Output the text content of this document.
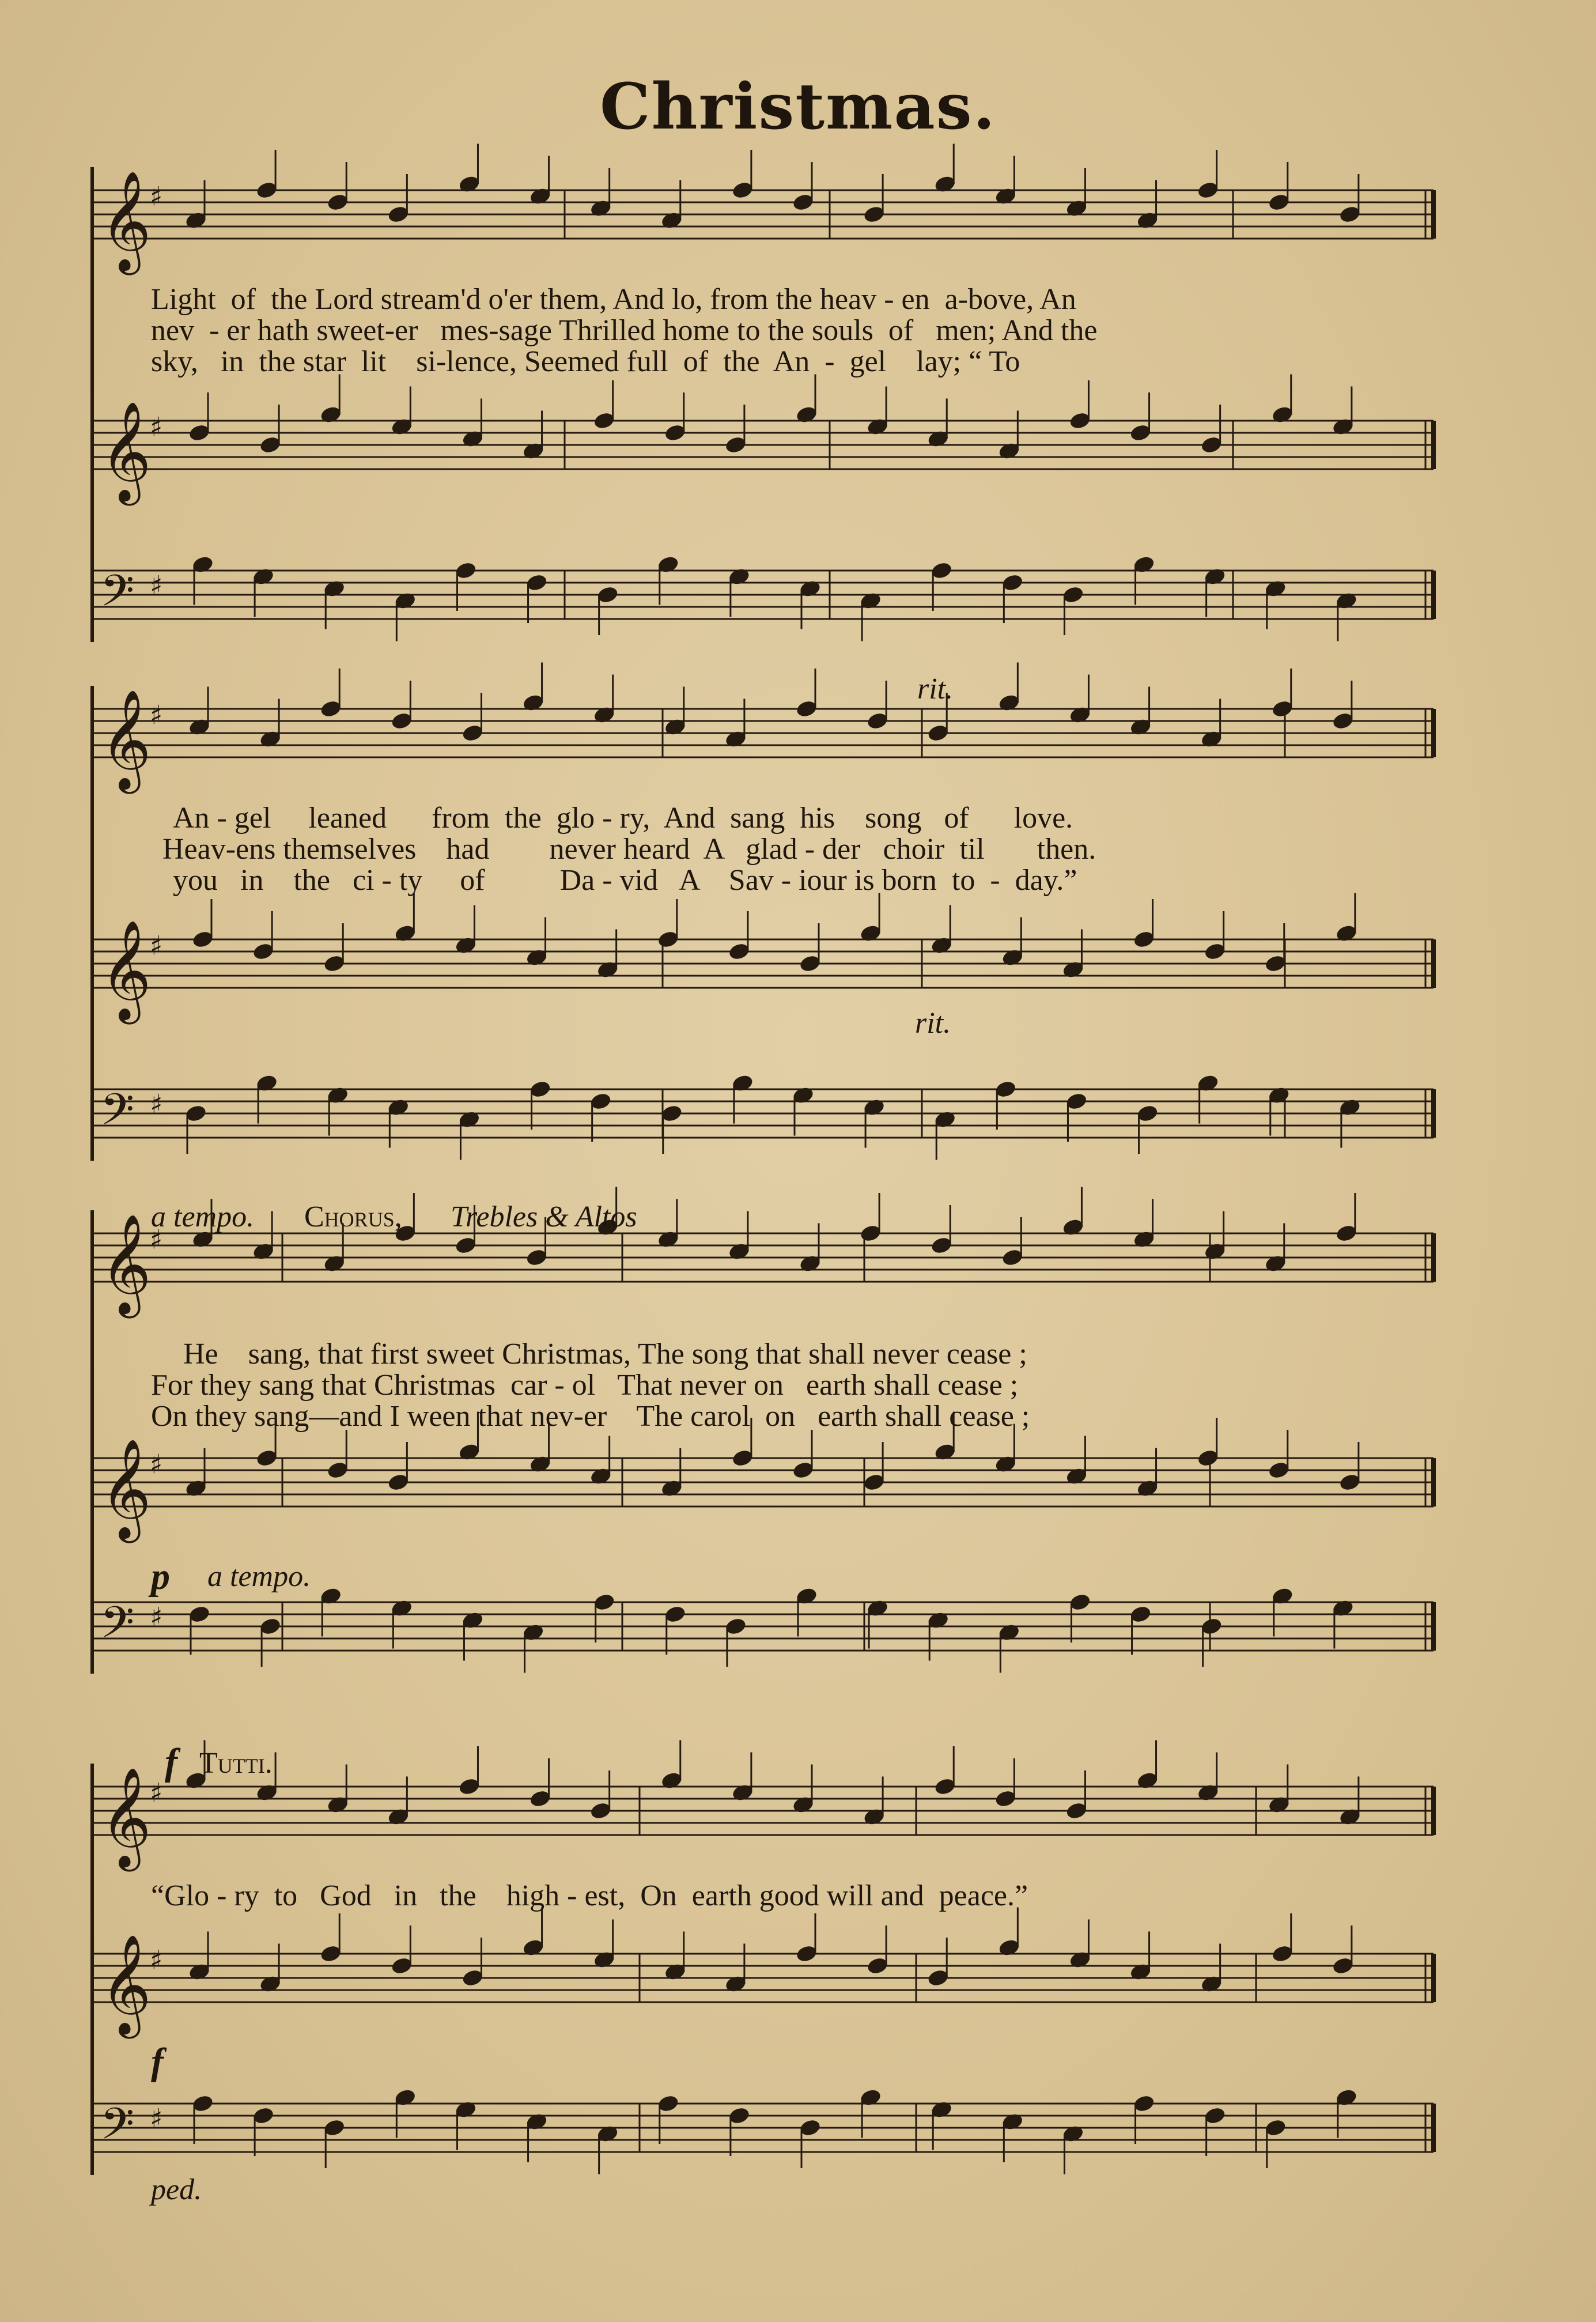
Christmas.
𝄞
♯
𝄞
♯
𝄢 ♯
𝄞
♯
𝄞
♯
𝄢 ♯
𝄞
♯
𝄞
♯
𝄢 ♯
𝄞
♯
𝄞
♯
𝄢 ♯
Light  of  the Lord stream'd o'er them, And lo, from the heav - en  a-bove, An
nev  - er hath sweet-er   mes-sage Thrilled home to the souls  of   men; And the
sky,   in  the star  lit    si-lence, Seemed full  of  the  An  -  gel    lay; “ To
rit.
An - gel     leaned      from  the  glo - ry,  And  sang  his    song   of      love.
Heav-ens themselves    had        never heard  A   glad - der   choir  til       then.
you   in    the   ci - ty     of          Da - vid   A    Sav - iour is born  to  -  day.”
rit.
a tempo. Chorus, Trebles & Altos
He    sang, that first sweet Christmas, The song that shall never cease ;
For they sang that Christmas  car - ol   That never on   earth shall cease ;
On they sang—and I ween that nev-er    The carol  on   earth shall cease ;
p a tempo.
f Tutti.
“Glo - ry  to   God   in   the    high - est,  On  earth good will and  peace.”
f
ped.
